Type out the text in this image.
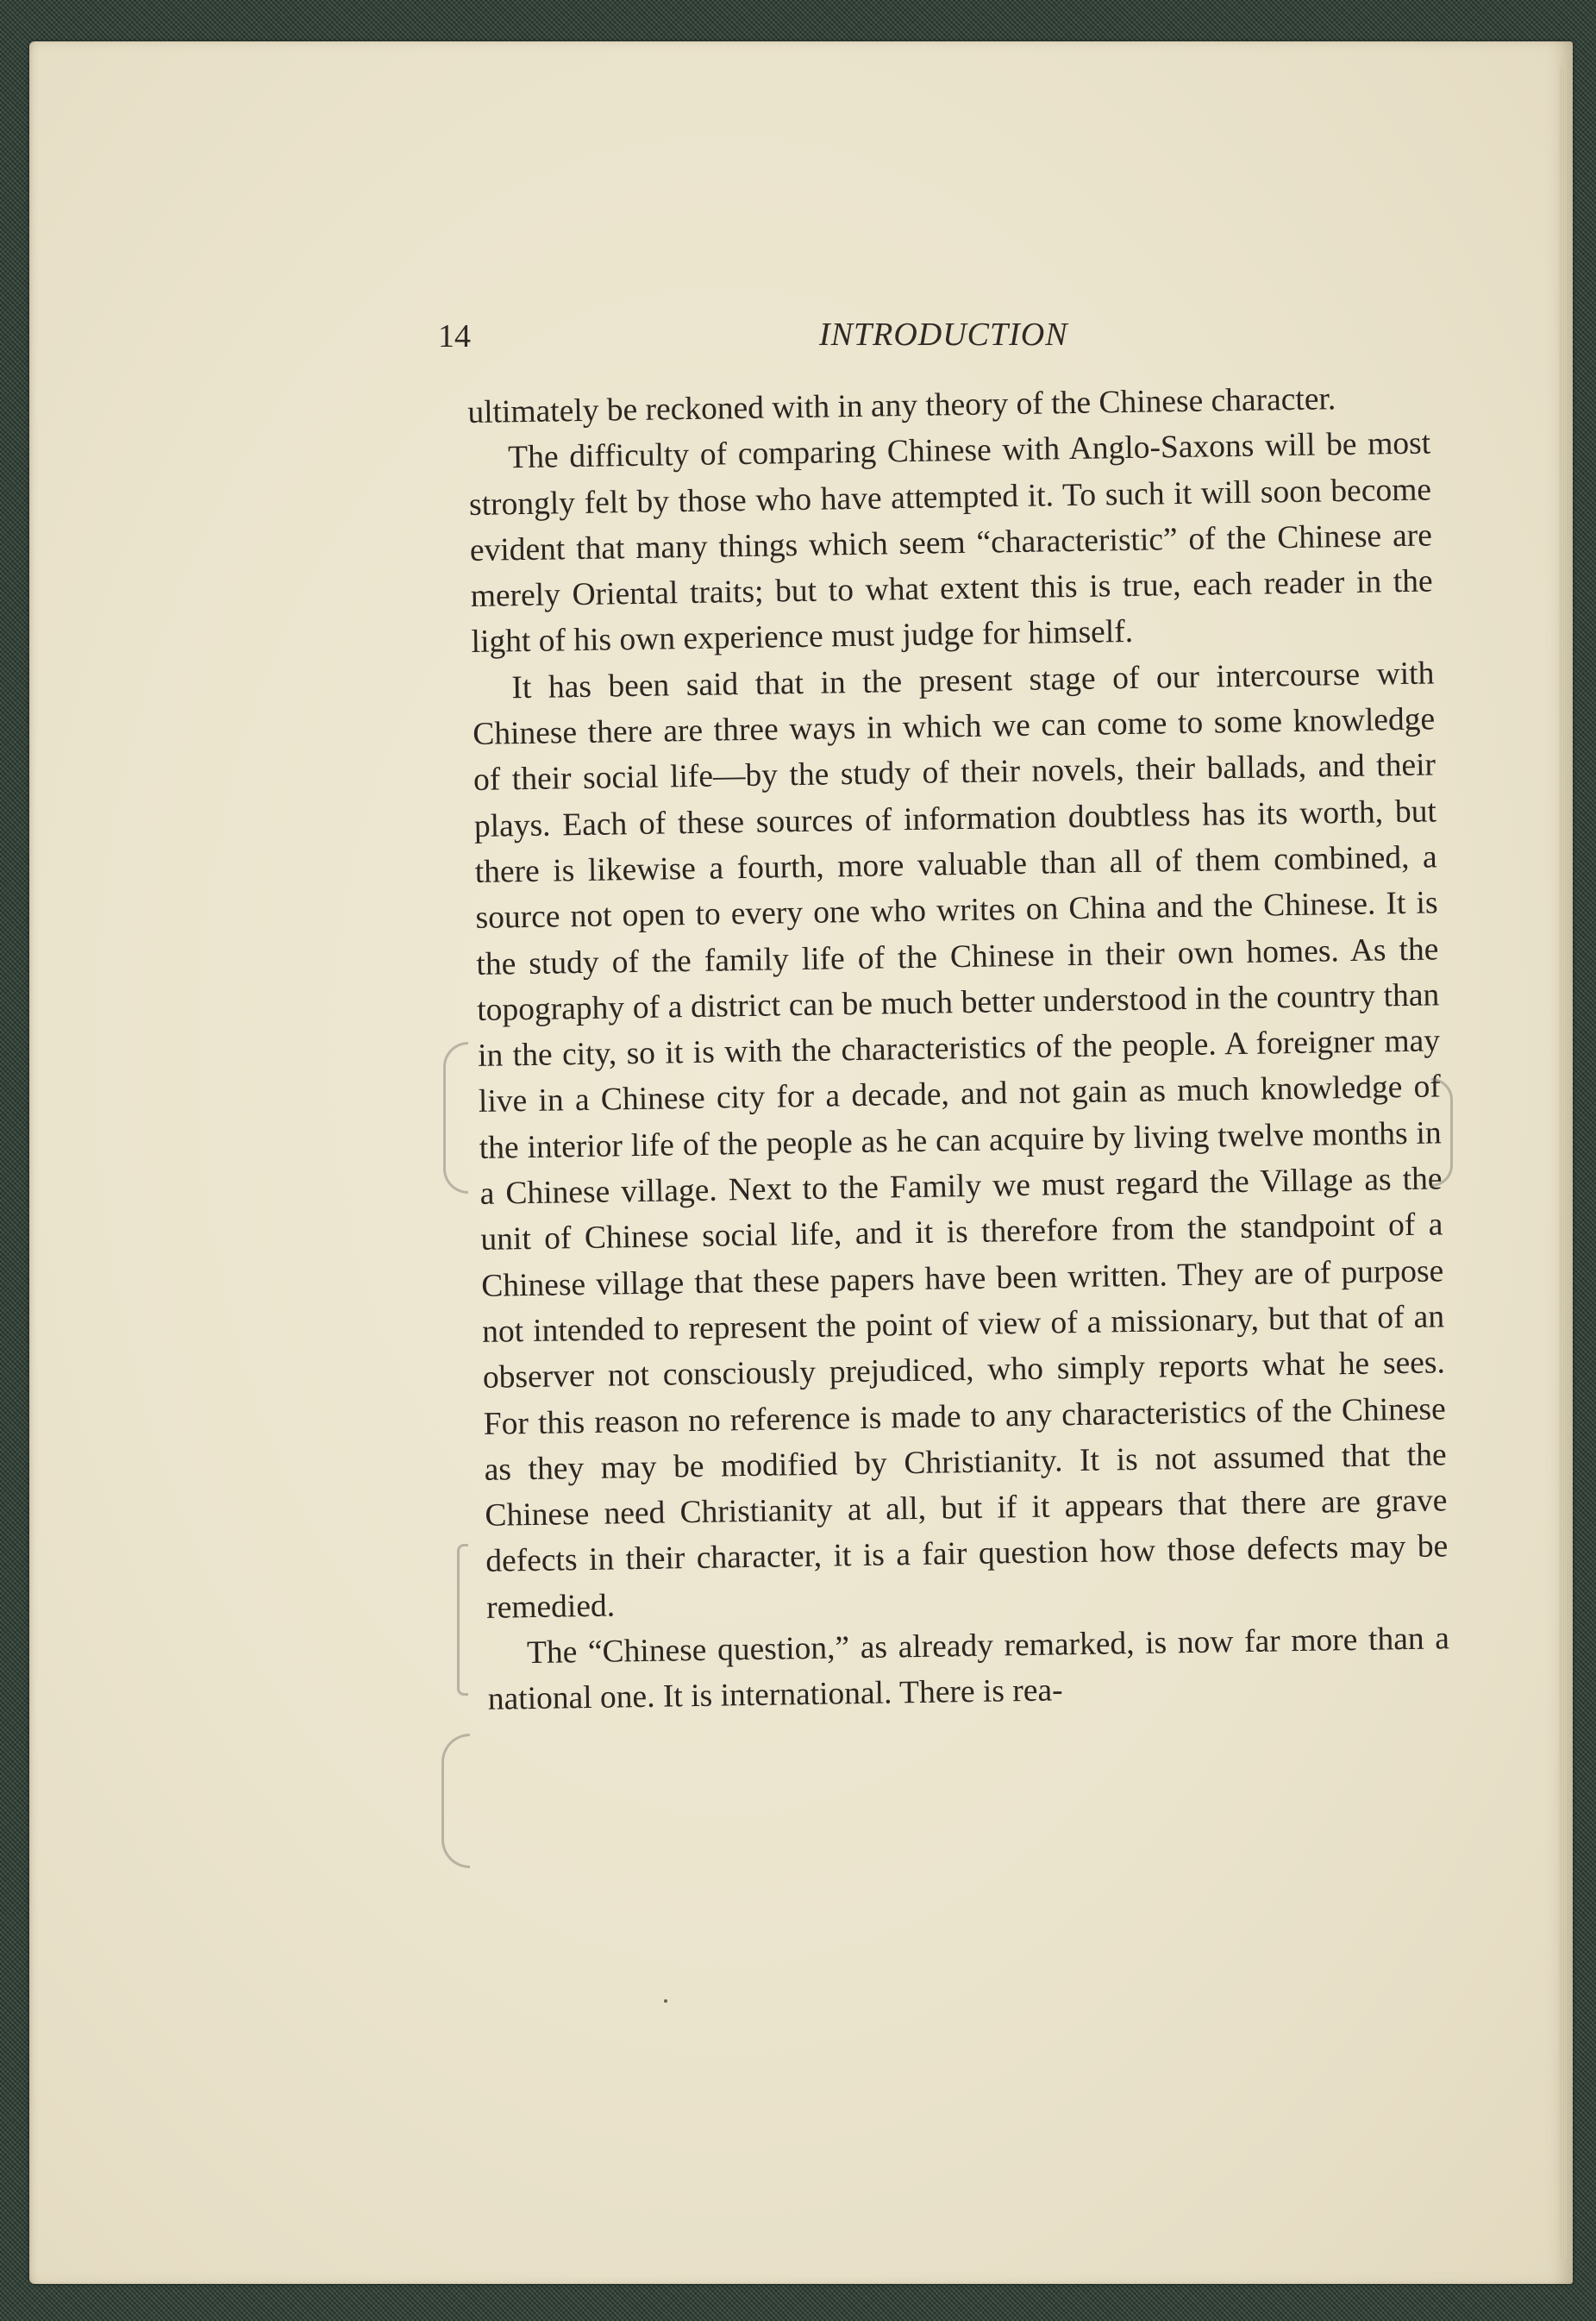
14	INTRODUCTION

ultimately be reckoned with in any theory of the Chinese character.

The difficulty of comparing Chinese with Anglo-Saxons will be most strongly felt by those who have attempted it. To such it will soon become evident that many things which seem “characteristic” of the Chinese are merely Oriental traits; but to what extent this is true, each reader in the light of his own experience must judge for himself.

It has been said that in the present stage of our intercourse with Chinese there are three ways in which we can come to some knowledge of their social life—by the study of their novels, their ballads, and their plays. Each of these sources of information doubtless has its worth, but there is likewise a fourth, more valuable than all of them combined, a source not open to every one who writes on China and the Chinese. It is the study of the family life of the Chinese in their own homes. As the topography of a district can be much better understood in the country than in the city, so it is with the characteristics of the people. A foreigner may live in a Chinese city for a decade, and not gain as much knowledge of the interior life of the people as he can acquire by living twelve months in a Chinese village. Next to the Family we must regard the Village as the unit of Chinese social life, and it is therefore from the standpoint of a Chinese village that these papers have been written. They are of purpose not intended to represent the point of view of a missionary, but that of an observer not consciously prejudiced, who simply reports what he sees. For this reason no reference is made to any characteristics of the Chinese as they may be modified by Christianity. It is not assumed that the Chinese need Christianity at all, but if it appears that there are grave defects in their character, it is a fair question how those defects may be remedied.

The “Chinese question,” as already remarked, is now far more than a national one. It is international. There is rea-
